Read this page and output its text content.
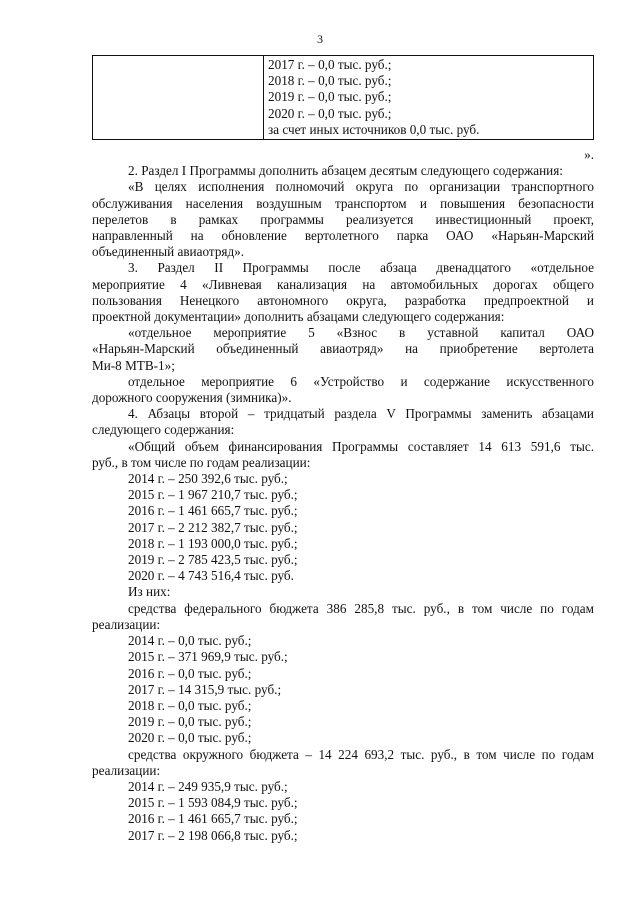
3

2017 г. – 0,0 тыс. руб.;
2018 г. – 0,0 тыс. руб.;
2019 г. – 0,0 тыс. руб.;
2020 г. – 0,0 тыс. руб.;
за счет иных источников 0,0 тыс. руб.
».
2. Раздел I Программы дополнить абзацем десятым следующего содержания:
«В целях исполнения полномочий округа по организации транспортного
обслуживания населения воздушным транспортом и повышения безопасности
перелетов в рамках программы реализуется инвестиционный проект,
направленный на обновление вертолетного парка ОАО «Нарьян-Марский
объединенный авиаотряд».
3. Раздел II Программы после абзаца двенадцатого «отдельное
мероприятие 4 «Ливневая канализация на автомобильных дорогах общего
пользования Ненецкого автономного округа, разработка предпроектной и
проектной документации» дополнить абзацами следующего содержания:
«отдельное мероприятие 5 «Взнос в уставной капитал ОАО
«Нарьян-Марский объединенный авиаотряд» на приобретение вертолета
Ми-8 МТВ-1»;
отдельное мероприятие 6 «Устройство и содержание искусственного
дорожного сооружения (зимника)».
4. Абзацы второй – тридцатый раздела V Программы заменить абзацами
следующего содержания:
«Общий объем финансирования Программы составляет 14 613 591,6 тыс.
руб., в том числе по годам реализации:
2014 г. – 250 392,6 тыс. руб.;
2015 г. – 1 967 210,7 тыс. руб.;
2016 г. – 1 461 665,7 тыс. руб.;
2017 г. – 2 212 382,7 тыс. руб.;
2018 г. – 1 193 000,0 тыс. руб.;
2019 г. – 2 785 423,5 тыс. руб.;
2020 г. – 4 743 516,4 тыс. руб.
Из них:
средства федерального бюджета 386 285,8 тыс. руб., в том числе по годам
реализации:
2014 г. – 0,0 тыс. руб.;
2015 г. – 371 969,9 тыс. руб.;
2016 г. – 0,0 тыс. руб.;
2017 г. – 14 315,9 тыс. руб.;
2018 г. – 0,0 тыс. руб.;
2019 г. – 0,0 тыс. руб.;
2020 г. – 0,0 тыс. руб.;
средства окружного бюджета – 14 224 693,2 тыс. руб., в том числе по годам
реализации:
2014 г. – 249 935,9 тыс. руб.;
2015 г. – 1 593 084,9 тыс. руб.;
2016 г. – 1 461 665,7 тыс. руб.;
2017 г. – 2 198 066,8 тыс. руб.;
